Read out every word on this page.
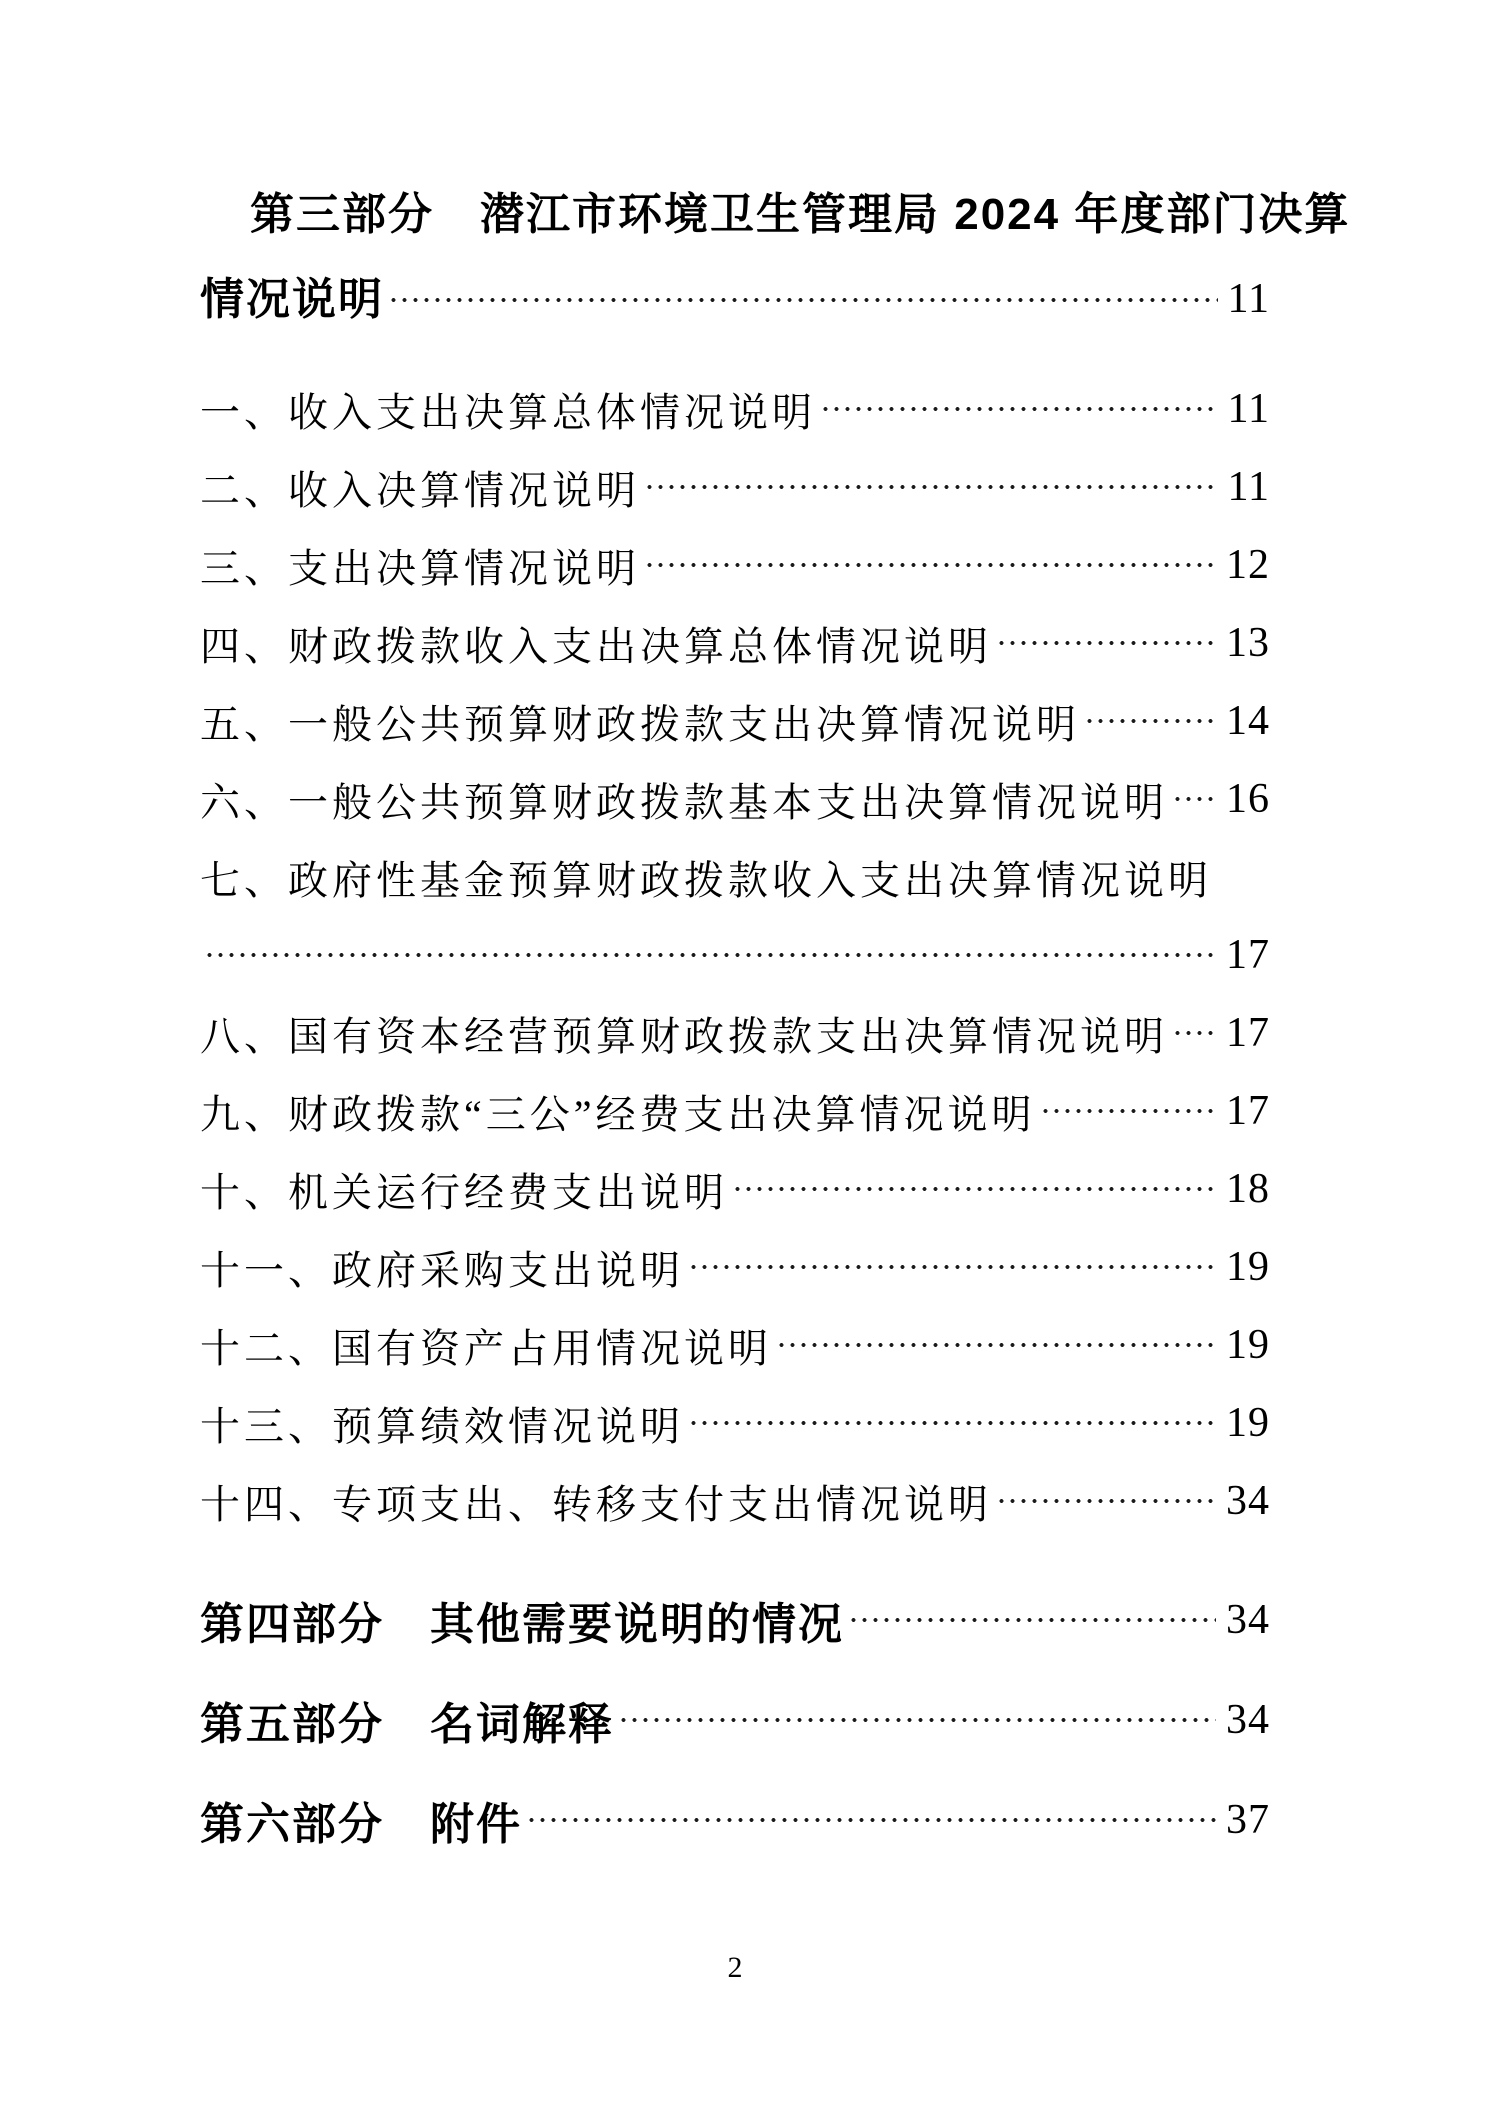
第三部分　潜江市环境卫生管理局 2024 年度部门决算
情况说明	11
一、收入支出决算总体情况说明	11
二、收入决算情况说明	11
三、支出决算情况说明	12
四、财政拨款收入支出决算总体情况说明	13
五、一般公共预算财政拨款支出决算情况说明	14
六、一般公共预算财政拨款基本支出决算情况说明 16
七、政府性基金预算财政拨款收入支出决算情况说明
17
八、国有资本经营预算财政拨款支出决算情况说明 17
九、财政拨款“三公”经费支出决算情况说明	17
十、机关运行经费支出说明	18
十一、政府采购支出说明	19
十二、国有资产占用情况说明	19
十三、预算绩效情况说明	19
十四、专项支出、转移支付支出情况说明	34
第四部分　其他需要说明的情况	34
第五部分　名词解释	34
第六部分　附件	37
2
